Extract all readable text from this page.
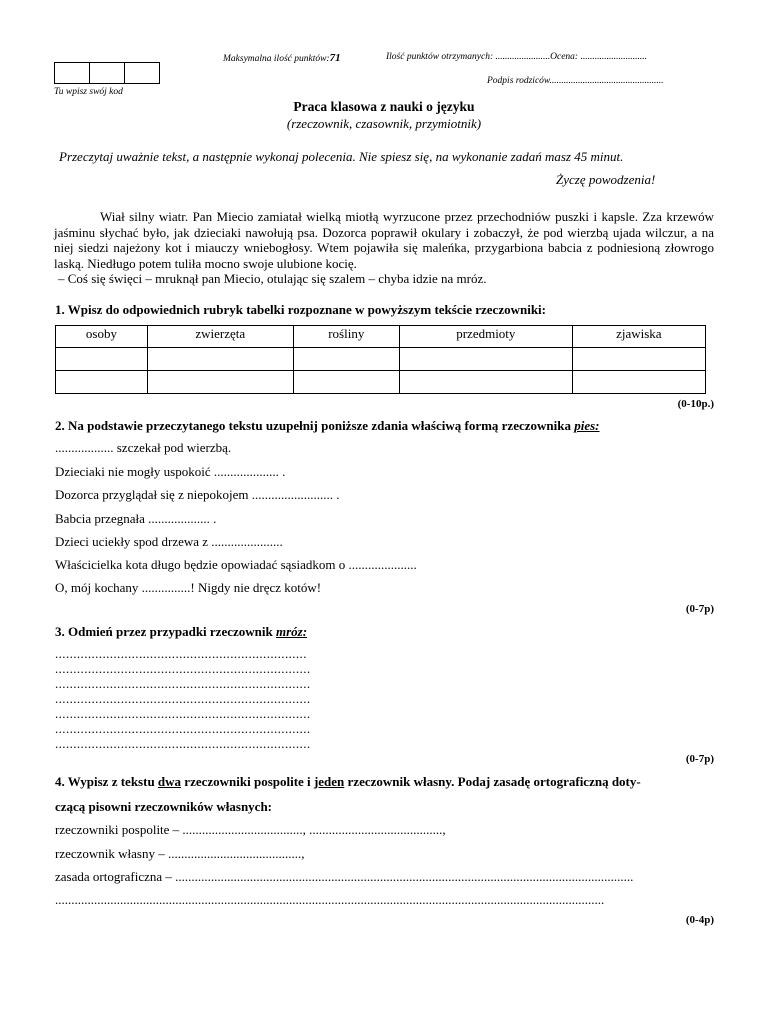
Maksymalna ilość punktów:71	Ilość punktów otrzymanych: .......................Ocena: ............................
Podpis rodziców................................................
Tu wpisz swój kod
Praca klasowa z nauki o języku
(rzeczownik, czasownik, przymiotnik)
Przeczytaj uważnie tekst, a następnie wykonaj polecenia. Nie spiesz się, na wykonanie zadań masz 45 minut.
Życzę powodzenia!

Wiał silny wiatr. Pan Miecio zamiatał wielką miotłą wyrzucone przez przechodniów puszki i kapsle. Zza krzewów jaśminu słychać było, jak dzieciaki nawołują psa. Dozorca poprawił okulary i zobaczył, że pod wierzbą ujada wilczur, a na niej siedzi najeżony kot i miauczy wniebogłosy. Wtem pojawiła się maleńka, przygarbiona babcia z podniesioną złowrogo laską. Niedługo potem tuliła mocno swoje ulubione kocię.

– Coś się święci – mruknął pan Miecio, otulając się szalem – chyba idzie na mróz.

1. Wpisz do odpowiednich rubryk tabelki rozpoznane w powyższym tekście rzeczowniki:
osoby	zwierzęta	rośliny	przedmioty	zjawiska

(0-10p.)
2. Na podstawie przeczytanego tekstu uzupełnij poniższe zdania właściwą formą rzeczownika pies:
.................. szczekał pod wierzbą.
Dzieciaki nie mogły uspokoić .................... .
Dozorca przyglądał się z niepokojem ......................... .
Babcia przegnała ................... .
Dzieci uciekły spod drzewa z ......................
Właścicielka kota długo będzie opowiadać sąsiadkom o .....................
O, mój kochany ...............! Nigdy nie dręcz kotów!
(0-7p)
3. Odmień przez przypadki rzeczownik mróz:
.....................................................................
......................................................................
......................................................................
......................................................................
......................................................................
......................................................................
......................................................................
(0-7p)
4. Wypisz z tekstu dwa rzeczowniki pospolite i jeden rzeczownik własny. Podaj zasadę ortograficzną doty-
czącą pisowni rzeczowników własnych:
rzeczowniki pospolite – ....................................., .........................................,
rzeczownik własny – .........................................,
zasada ortograficzna – .............................................................................................................................................
.........................................................................................................................................................................
(0-4p)
